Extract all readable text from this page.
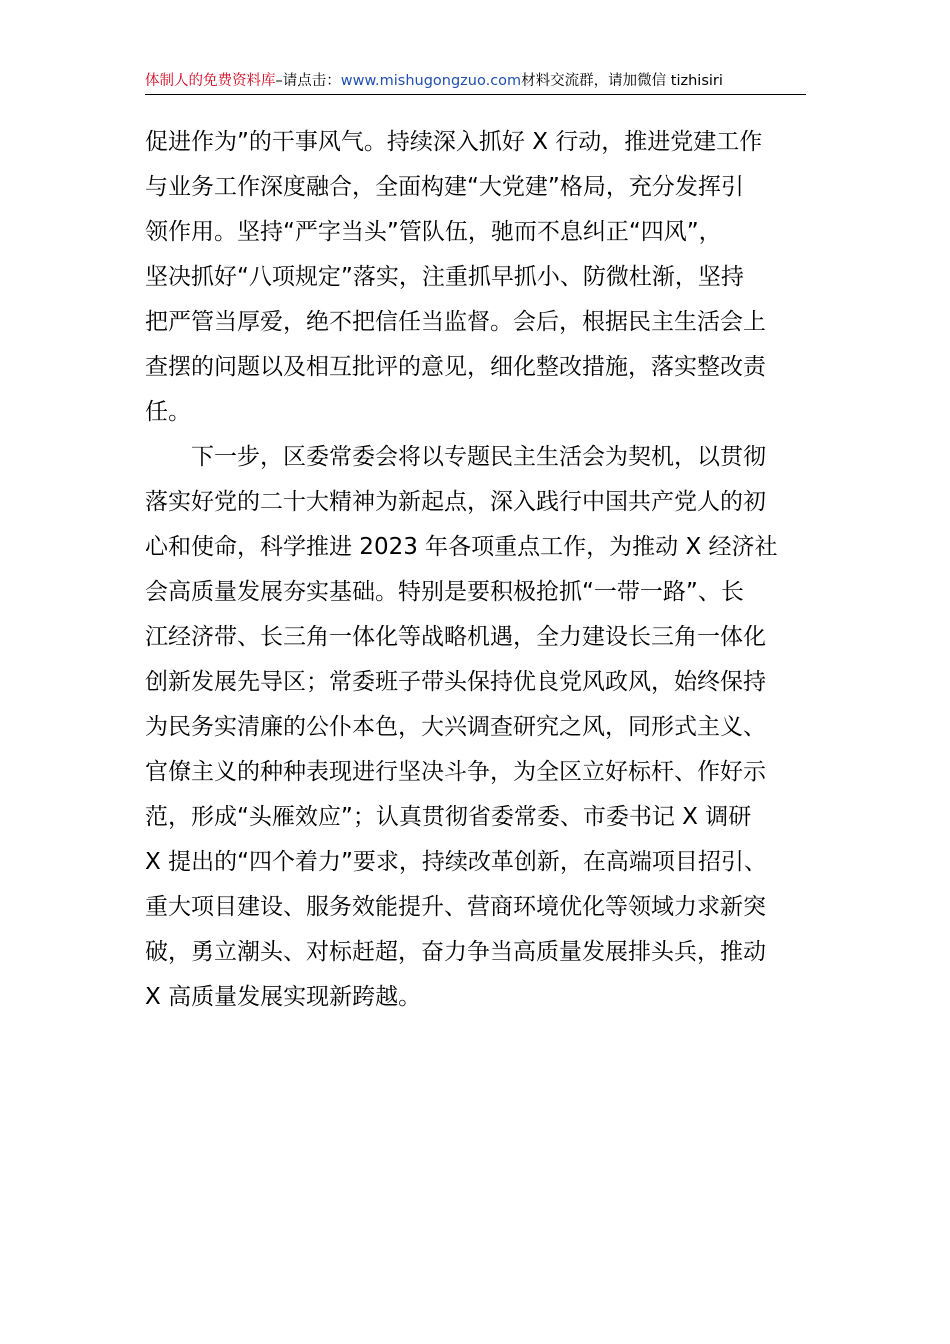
体制人的免费资料库–请点击：www.mishugongzuo.com材料交流群，请加微信 tizhisiri
促进作为”的干事风气。持续深入抓好 X 行动，推进党建工作
与业务工作深度融合，全面构建“大党建”格局，充分发挥引
领作用。坚持“严字当头”管队伍，驰而不息纠正“四风”，
坚决抓好“八项规定”落实，注重抓早抓小、防微杜渐，坚持
把严管当厚爱，绝不把信任当监督。会后，根据民主生活会上
查摆的问题以及相互批评的意见，细化整改措施，落实整改责
任。
下一步，区委常委会将以专题民主生活会为契机，以贯彻
落实好党的二十大精神为新起点，深入践行中国共产党人的初
心和使命，科学推进 2023 年各项重点工作，为推动 X 经济社
会高质量发展夯实基础。特别是要积极抢抓“一带一路”、长
江经济带、长三角一体化等战略机遇，全力建设长三角一体化
创新发展先导区；常委班子带头保持优良党风政风，始终保持
为民务实清廉的公仆本色，大兴调查研究之风，同形式主义、
官僚主义的种种表现进行坚决斗争，为全区立好标杆、作好示
范，形成“头雁效应”；认真贯彻省委常委、市委书记 X 调研
X 提出的“四个着力”要求，持续改革创新，在高端项目招引、
重大项目建设、服务效能提升、营商环境优化等领域力求新突
破，勇立潮头、对标赶超，奋力争当高质量发展排头兵，推动
X 高质量发展实现新跨越。
